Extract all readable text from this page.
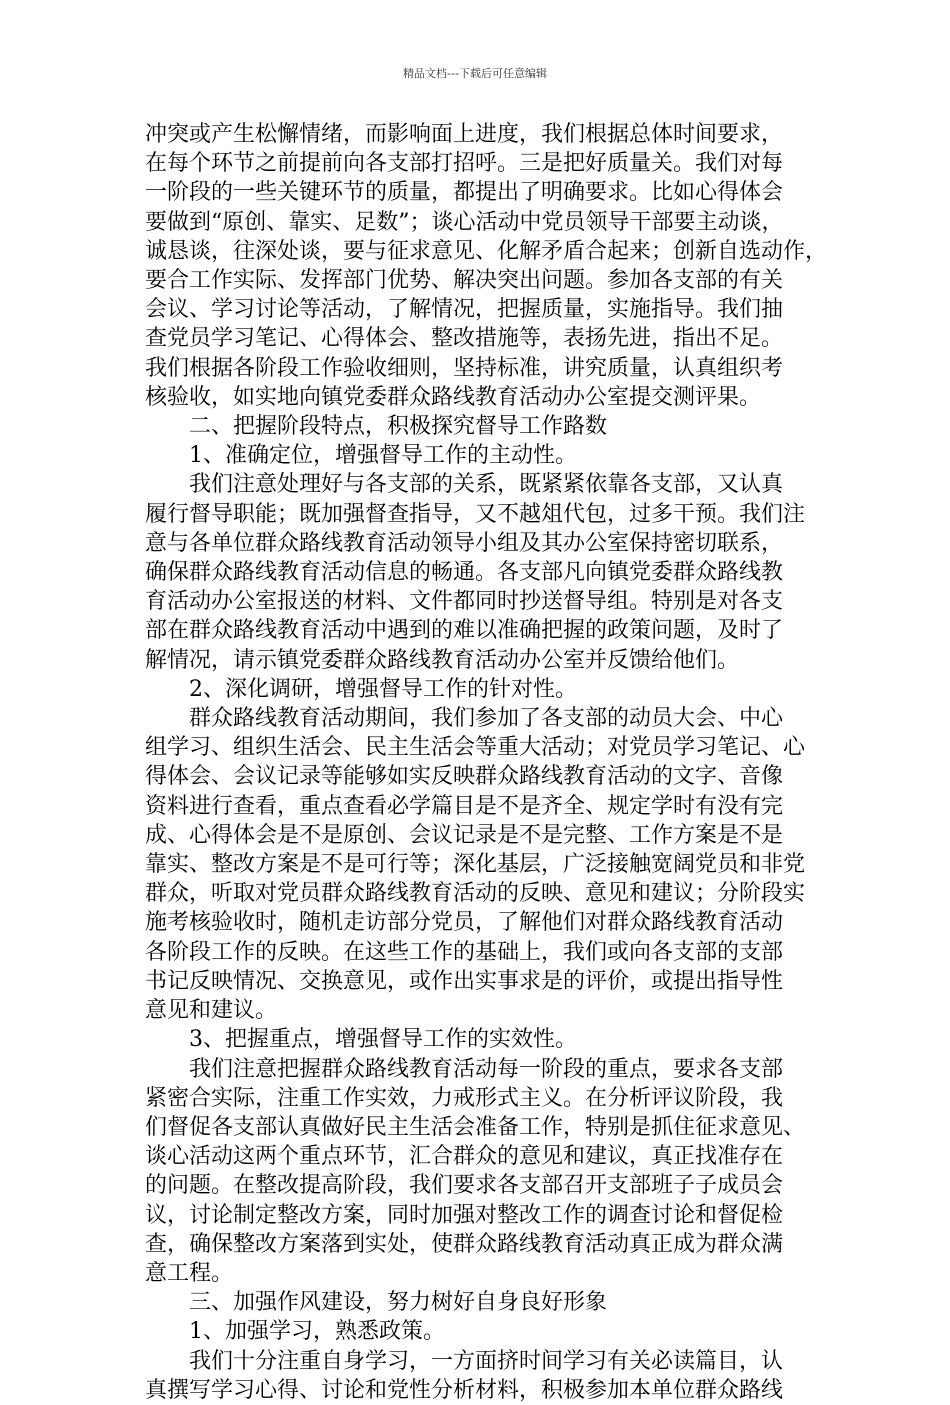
精品文档---下载后可任意编辑

冲突或产生松懈情绪，而影响面上进度，我们根据总体时间要求，

在每个环节之前提前向各支部打招呼。三是把好质量关。我们对每

一阶段的一些关键环节的质量，都提出了明确要求。比如心得体会

要做到“原创、靠实、足数”；谈心活动中党员领导干部要主动谈，

诚恳谈，往深处谈，要与征求意见、化解矛盾合起来；创新自选动作，

要合工作实际、发挥部门优势、解决突出问题。参加各支部的有关

会议、学习讨论等活动，了解情况，把握质量，实施指导。我们抽

查党员学习笔记、心得体会、整改措施等，表扬先进，指出不足。

我们根据各阶段工作验收细则，坚持标准，讲究质量，认真组织考

核验收，如实地向镇党委群众路线教育活动办公室提交测评果。

二、把握阶段特点，积极探究督导工作路数

1、准确定位，增强督导工作的主动性。

我们注意处理好与各支部的关系，既紧紧依靠各支部，又认真

履行督导职能；既加强督查指导，又不越俎代包，过多干预。我们注

意与各单位群众路线教育活动领导小组及其办公室保持密切联系，

确保群众路线教育活动信息的畅通。各支部凡向镇党委群众路线教

育活动办公室报送的材料、文件都同时抄送督导组。特别是对各支

部在群众路线教育活动中遇到的难以准确把握的政策问题，及时了

解情况，请示镇党委群众路线教育活动办公室并反馈给他们。

2、深化调研，增强督导工作的针对性。

群众路线教育活动期间，我们参加了各支部的动员大会、中心

组学习、组织生活会、民主生活会等重大活动；对党员学习笔记、心

得体会、会议记录等能够如实反映群众路线教育活动的文字、音像

资料进行查看，重点查看必学篇目是不是齐全、规定学时有没有完

成、心得体会是不是原创、会议记录是不是完整、工作方案是不是

靠实、整改方案是不是可行等；深化基层，广泛接触宽阔党员和非党

群众，听取对党员群众路线教育活动的反映、意见和建议；分阶段实

施考核验收时，随机走访部分党员，了解他们对群众路线教育活动

各阶段工作的反映。在这些工作的基础上，我们或向各支部的支部

书记反映情况、交换意见，或作出实事求是的评价，或提出指导性

意见和建议。

3、把握重点，增强督导工作的实效性。

我们注意把握群众路线教育活动每一阶段的重点，要求各支部

紧密合实际，注重工作实效，力戒形式主义。在分析评议阶段，我

们督促各支部认真做好民主生活会准备工作，特别是抓住征求意见、

谈心活动这两个重点环节，汇合群众的意见和建议，真正找准存在

的问题。在整改提高阶段，我们要求各支部召开支部班子子成员会

议，讨论制定整改方案，同时加强对整改工作的调查讨论和督促检

查，确保整改方案落到实处，使群众路线教育活动真正成为群众满

意工程。

三、加强作风建设，努力树好自身良好形象

1、加强学习，熟悉政策。

我们十分注重自身学习，一方面挤时间学习有关必读篇目，认

真撰写学习心得、讨论和党性分析材料，积极参加本单位群众路线
